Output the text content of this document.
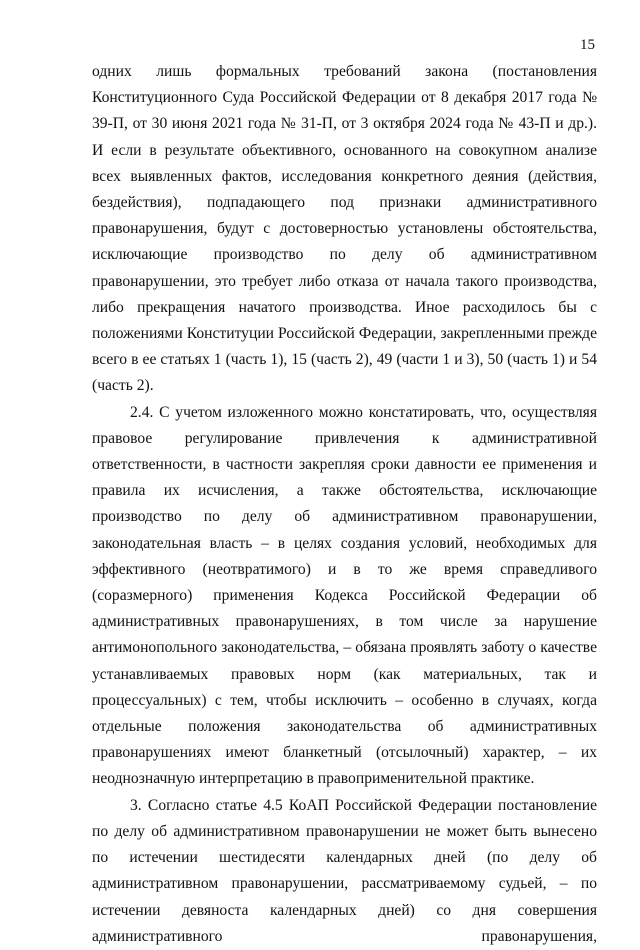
15

одних лишь формальных требований закона (постановления Конституционного Суда Российской Федерации от 8 декабря 2017 года № 39-П, от 30 июня 2021 года № 31-П, от 3 октября 2024 года № 43-П и др.). И если в результате объективного, основанного на совокупном анализе всех выявленных фактов, исследования конкретного деяния (действия, бездействия), подпадающего под признаки административного правонарушения, будут с достоверностью установлены обстоятельства, исключающие производство по делу об административном правонарушении, это требует либо отказа от начала такого производства, либо прекращения начатого производства. Иное расходилось бы с положениями Конституции Российской Федерации, закрепленными прежде всего в ее статьях 1 (часть 1), 15 (часть 2), 49 (части 1 и 3), 50 (часть 1) и 54 (часть 2).

2.4. С учетом изложенного можно констатировать, что, осуществляя правовое регулирование привлечения к административной ответственности, в частности закрепляя сроки давности ее применения и правила их исчисления, а также обстоятельства, исключающие производство по делу об административном правонарушении, законодательная власть – в целях создания условий, необходимых для эффективного (неотвратимого) и в то же время справедливого (соразмерного) применения Кодекса Российской Федерации об административных правонарушениях, в том числе за нарушение антимонопольного законодательства, – обязана проявлять заботу о качестве устанавливаемых правовых норм (как материальных, так и процессуальных) с тем, чтобы исключить – особенно в случаях, когда отдельные положения законодательства об административных правонарушениях имеют бланкетный (отсылочный) характер, – их неоднозначную интерпретацию в правоприменительной практике.

3. Согласно статье 4.5 КоАП Российской Федерации постановление по делу об административном правонарушении не может быть вынесено по истечении шестидесяти календарных дней (по делу об административном правонарушении, рассматриваемому судьей, – по истечении девяноста календарных дней) со дня совершения административного правонарушения,
